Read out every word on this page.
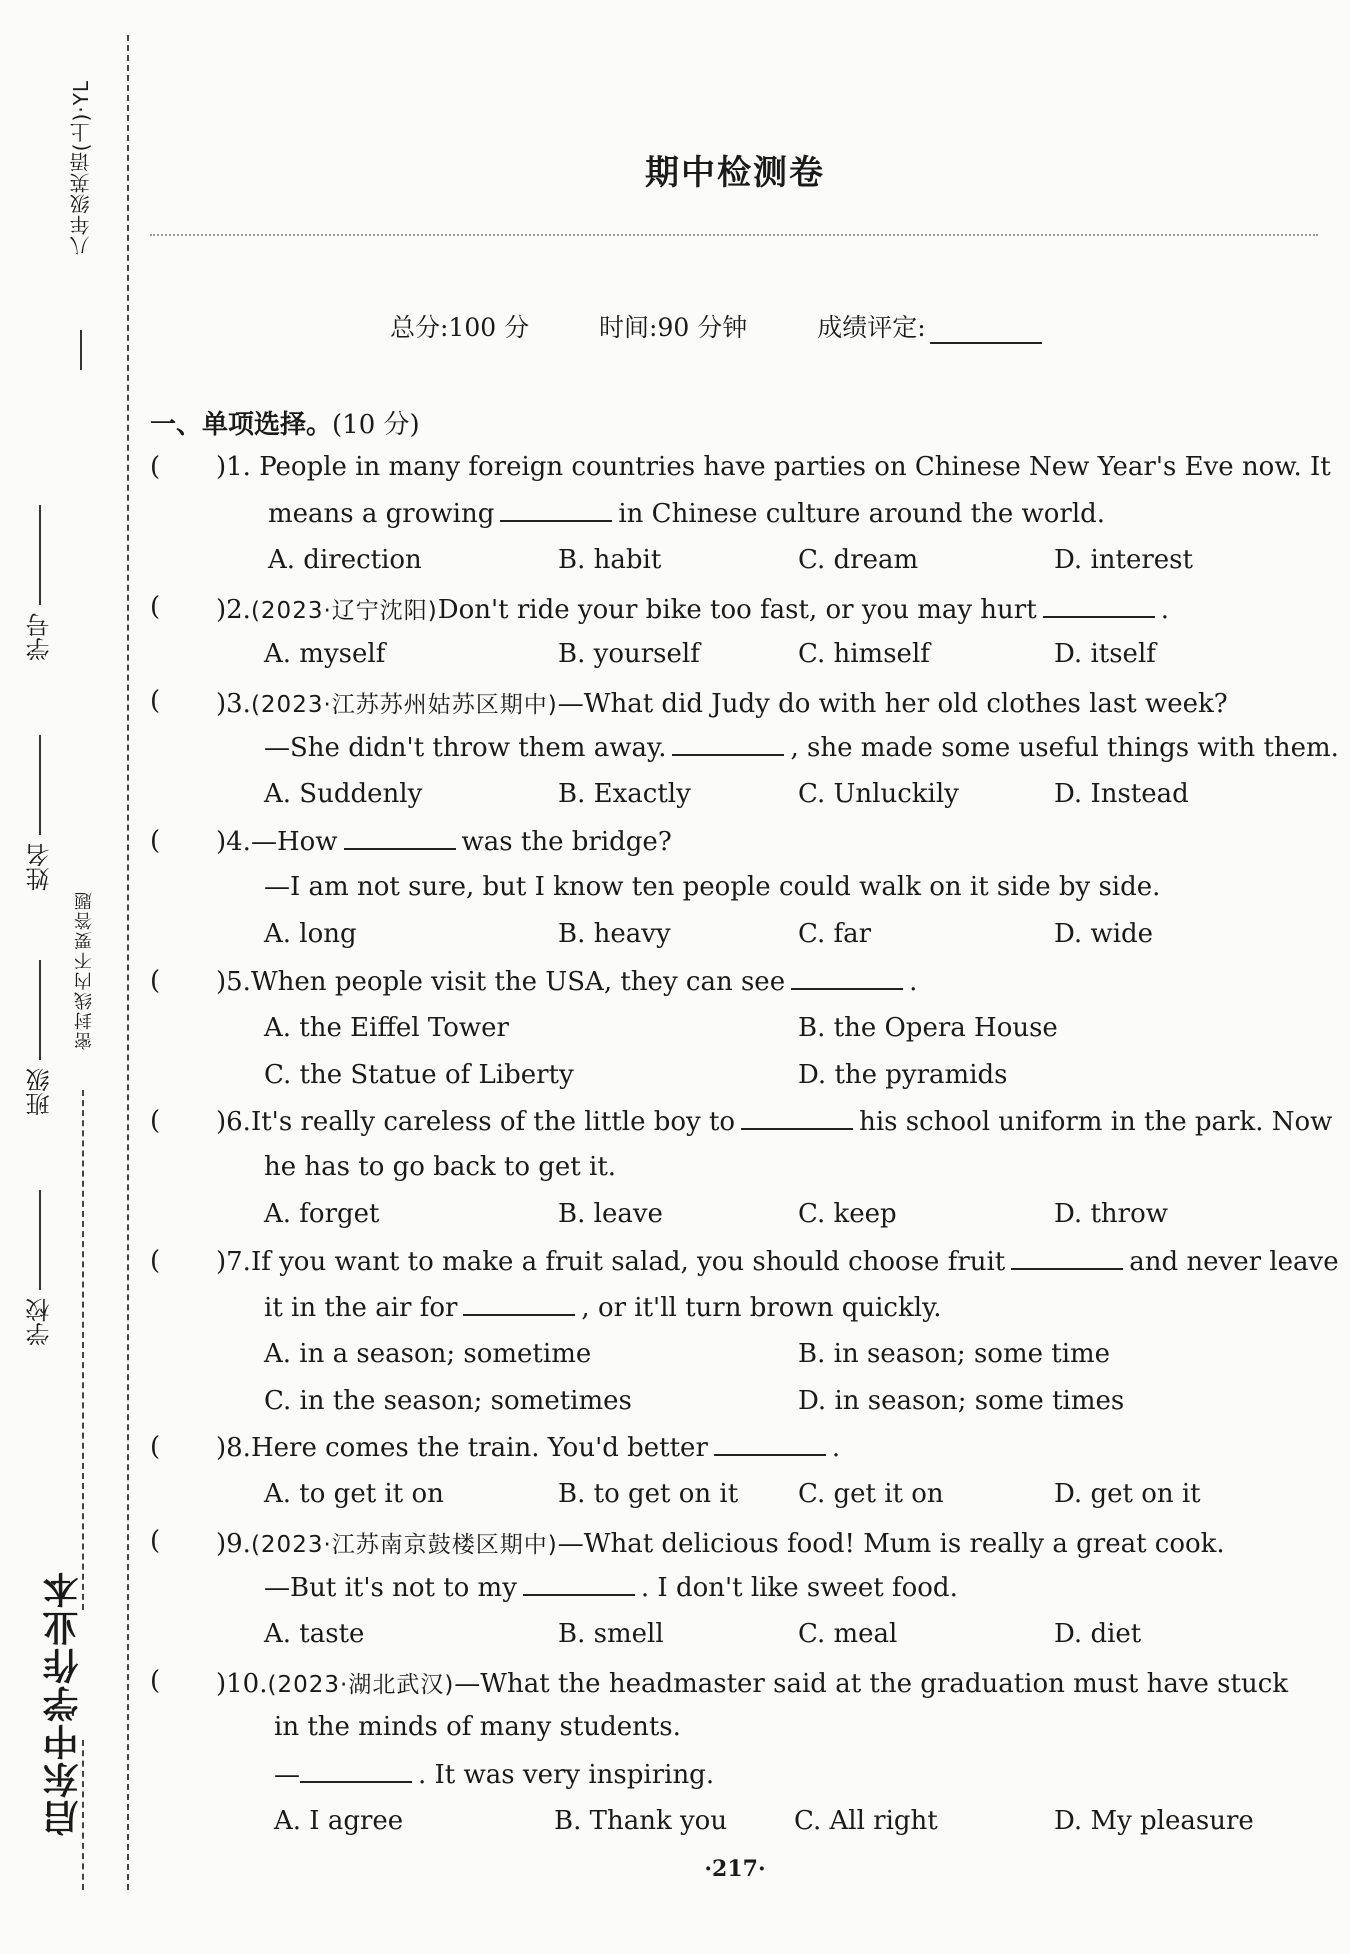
八年级英语(上)·YL
学号
姓名
班级
学校
密封线内不要答题
启东中学作业本
期中检测卷
总分:100 分	时间:90 分钟	成绩评定:
一、单项选择。(10 分)
( )1. People in many foreign countries have parties on Chinese New Year's Eve now. It
means a growing	in Chinese culture around the world.
A. direction	B. habit	C. dream	D. interest
( )2.(2023·辽宁沈阳)Don't ride your bike too fast, or you may hurt	.
A. myself	B. yourself	C. himself	D. itself
( )3.(2023·江苏苏州姑苏区期中)—What did Judy do with her old clothes last week?
—She didn't throw them away.	, she made some useful things with them.
A. Suddenly	B. Exactly	C. Unluckily	D. Instead
( )4.—How	was the bridge?
—I am not sure, but I know ten people could walk on it side by side.
A. long	B. heavy	C. far	D. wide
( )5.When people visit the USA, they can see	.
A. the Eiffel Tower	B. the Opera House
C. the Statue of Liberty	D. the pyramids
( )6.It's really careless of the little boy to	his school uniform in the park. Now
he has to go back to get it.
A. forget	B. leave	C. keep	D. throw
( )7.If you want to make a fruit salad, you should choose fruit	and never leave
it in the air for	, or it'll turn brown quickly.
A. in a season; sometime	B. in season; some time
C. in the season; sometimes	D. in season; some times
( )8.Here comes the train. You'd better	.
A. to get it on	B. to get on it C. get it on	D. get on it
( )9.(2023·江苏南京鼓楼区期中)—What delicious food! Mum is really a great cook.
—But it's not to my	. I don't like sweet food.
A. taste	B. smell	C. meal	D. diet
( )10.(2023·湖北武汉)—What the headmaster said at the graduation must have stuck
in the minds of many students.
—	. It was very inspiring.
A. I agree	B. Thank you	C. All right	D. My pleasure
·217·
